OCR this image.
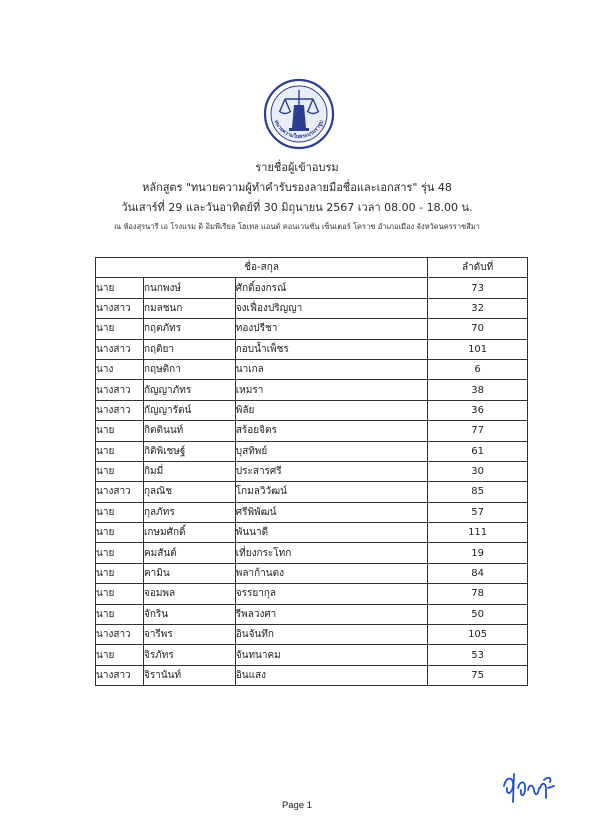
ทนายความในพระบรมราชูป
รายชื่อผู้เข้าอบรม
หลักสูตร "ทนายความผู้ทำคำรับรองลายมือชื่อและเอกสาร" รุ่น 48
วันเสาร์ที่ 29 และวันอาทิตย์ที่ 30 มิถุนายน 2567 เวลา 08.00 - 18.00 น.
ณ ห้องสุรนารี เอ โรงแรม ดิ อิมพีเรียล โฮเทล แอนด์ คอนเวนชั่น เซ็นเตอร์ โคราช อำเภอเมือง จังหวัดนครราชสีมา
ชื่อ-สกุล			ลำดับที่
นาย	กนกพงษ์	ศักดิ์องกรณ์	73
นางสาว	กมลชนก	จงเฟื่องปริญญา	32
นาย	กฤตภัทร	ทองปรีชา	70
นางสาว	กฤติยา	กอบน้ำเพ็ชร	101
นาง	กฤษติกา	นาเกล	6
นางสาว	กัญญาภัทร	เหมรา	38
นางสาว	กัญญารัตน์	พิลัย	36
นาย	กิตตินนท์	สร้อยจิตร	77
นาย	กิติพิเชษฐ์	บุสทิพย์	61
นาย	กิมมี่	ประสารศรี	30
นางสาว	กุลณิช	โกมลวิวัฒน์	85
นาย	กุลภัทร	ศรีพิพัฒน์	57
นาย	เกษมศักดิ์	พันนาดี	111
นาย	คมสันต์	เที่ยงกระโทก	19
นาย	คามิน	พลาก้านตง	84
นาย	จอมพล	จรรยากุล	78
นาย	จักริน	รีพลวงศา	50
นางสาว	จารีพร	อินจันทึก	105
นาย	จิรภัทร	จันทนาคม	53
นางสาว	จิรานันท์	อินแสง	75
Page 1
